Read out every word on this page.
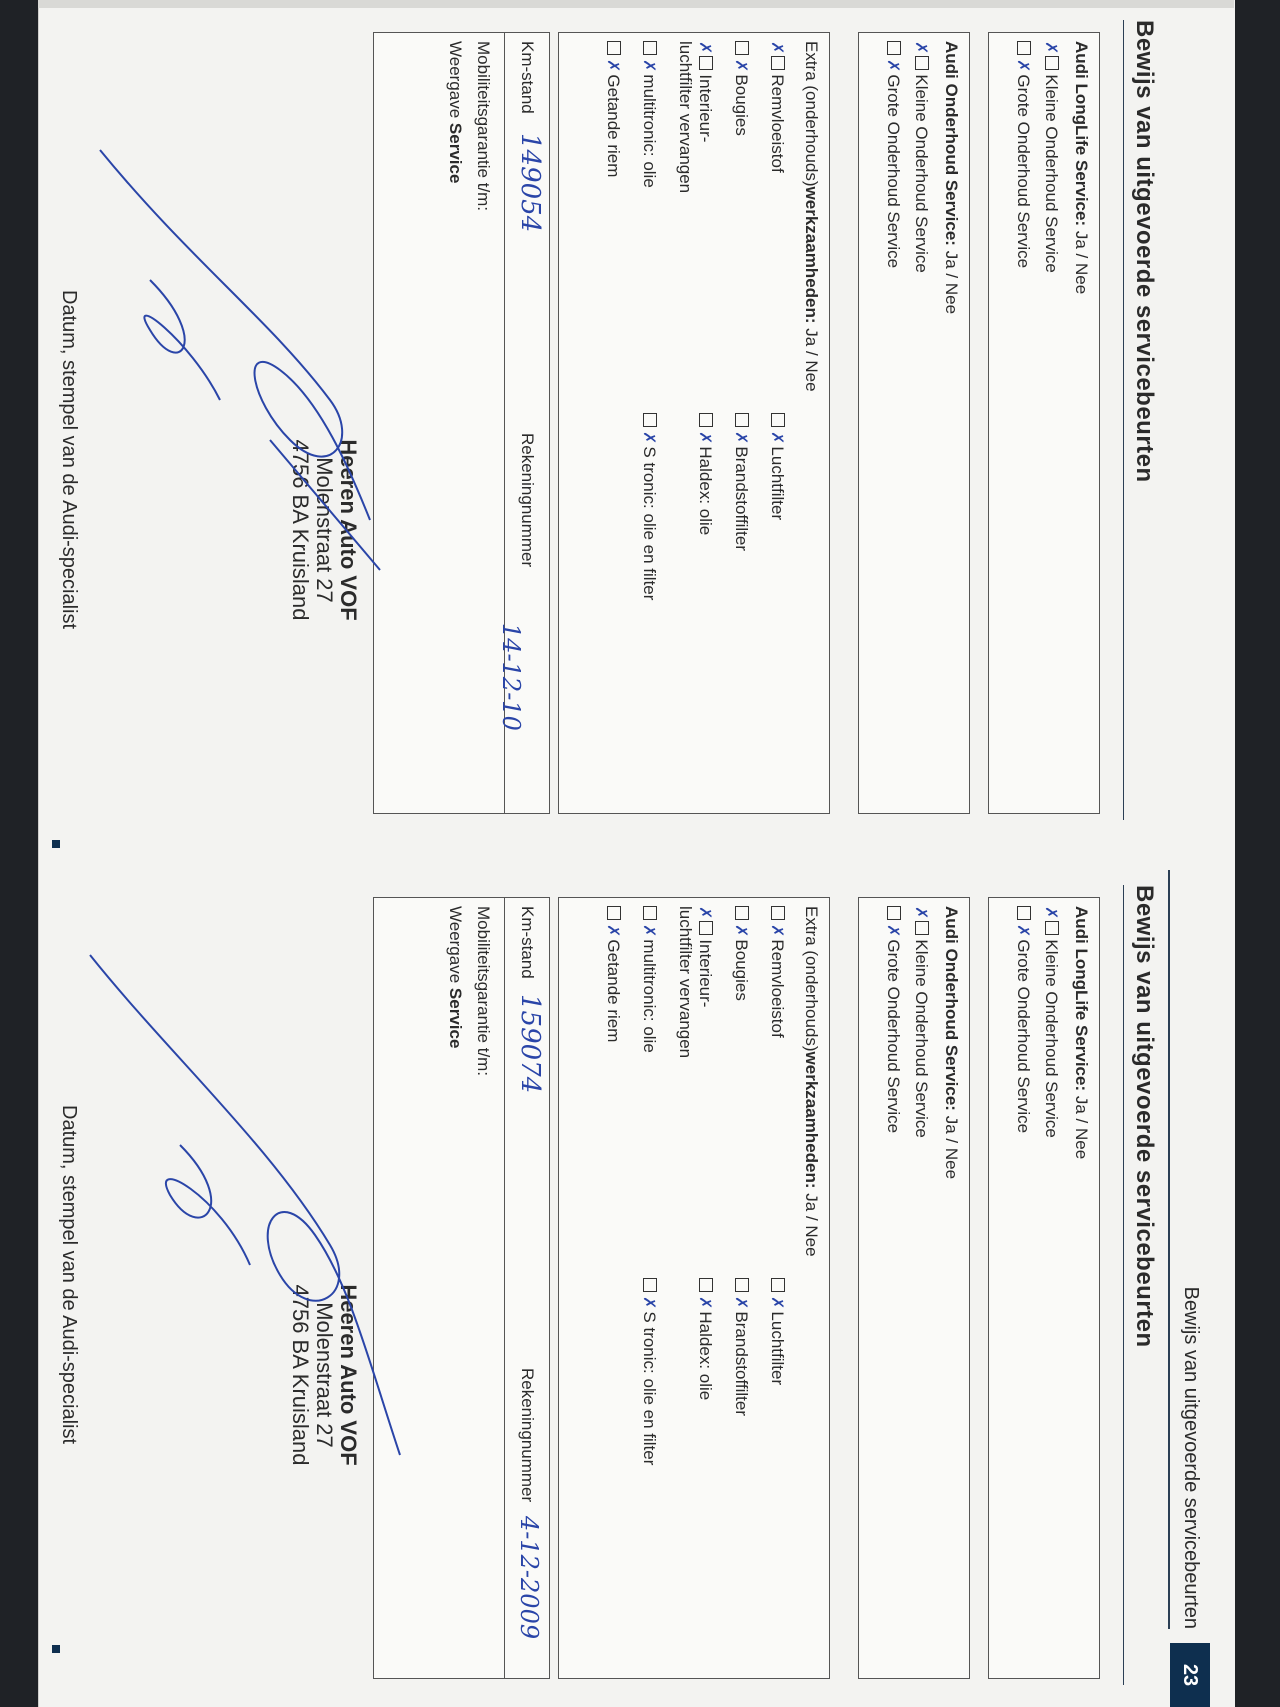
Bewijs van uitgevoerde servicebeurten
23
Bewijs van uitgevoerde servicebeurten
Audi LongLife Service: Ja / Nee
✗Kleine Onderhoud Service
✗Grote Onderhoud Service
Audi Onderhoud Service: Ja / Nee
✗Kleine Onderhoud Service
✗Grote Onderhoud Service
Extra (onderhouds)werkzaamheden: Ja / Nee
✗Remvloeistof
✗Bougies
✗Interieur-
luchtfilter vervangen
✗multitronic: olie
✗Getande riem
✗Luchtfilter
✗Brandstoffilter
✗Haldex: olie
✗S tronic: olie en filter
Km-stand
149054
Rekeningnummer
14-12-10
Mobiliteitsgarantie t/m:
Weergave Service
Heeren Auto VOF
Molenstraat 27
4756 BA Kruisland
Datum, stempel van de Audi-specialist
Bewijs van uitgevoerde servicebeurten
Audi LongLife Service: Ja / Nee
✗Kleine Onderhoud Service
✗Grote Onderhoud Service
Audi Onderhoud Service: Ja / Nee
✗Kleine Onderhoud Service
✗Grote Onderhoud Service
Extra (onderhouds)werkzaamheden: Ja / Nee
✗Remvloeistof
✗Bougies
✗Interieur-
luchtfilter vervangen
✗multitronic: olie
✗Getande riem
✗Luchtfilter
✗Brandstoffilter
✗Haldex: olie
✗S tronic: olie en filter
Km-stand
159074
Rekeningnummer
4-12-2009
Mobiliteitsgarantie t/m:
Weergave Service
Heeren Auto VOF
Molenstraat 27
4756 BA Kruisland
Datum, stempel van de Audi-specialist
